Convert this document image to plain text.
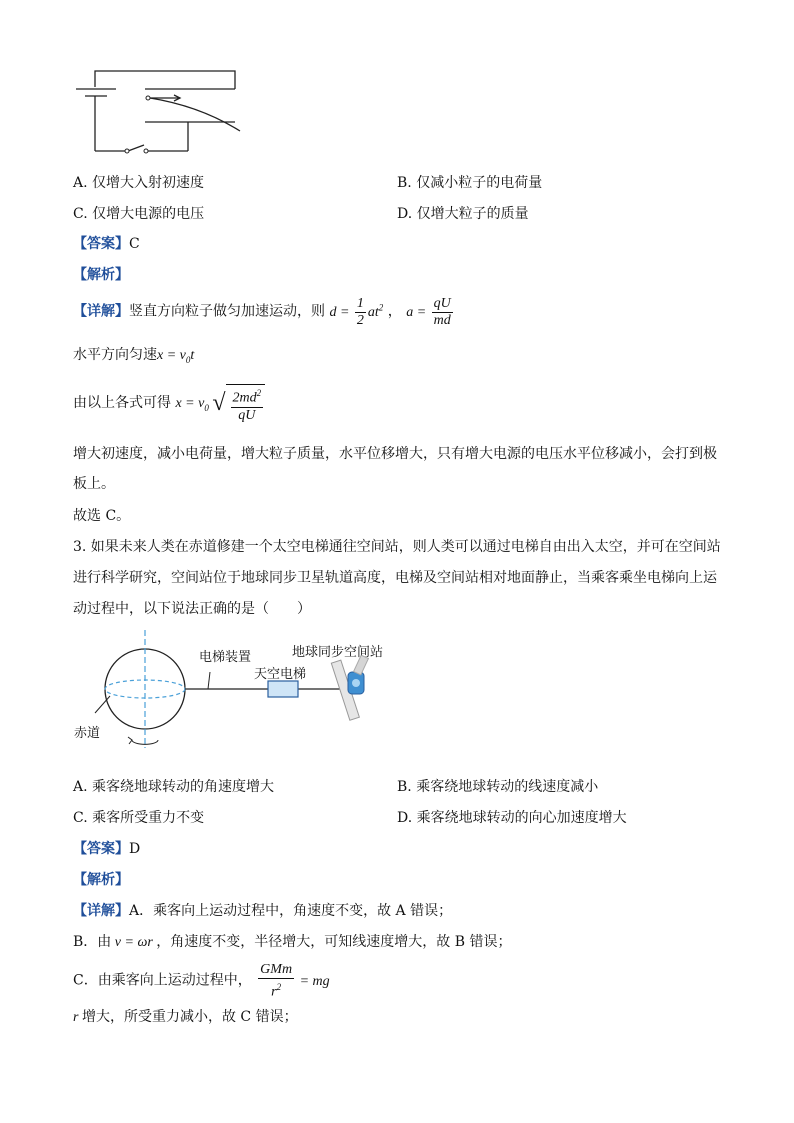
A. 仅增大入射初速度	B. 仅减小粒子的电荷量
C. 仅增大电源的电压	D. 仅增大粒子的质量
【答案】C
【解析】
【详解】竖直方向粒子做匀加速运动，则 $d = \frac{1}{2} at^2$ ， $a = \frac{qU}{md}$
水平方向匀速$x = v_0t$
由以上各式可得 $x = v_0$ √ $\frac{2md^2}{qU}$
增大初速度，减小电荷量，增大粒子质量，水平位移增大，只有增大电源的电压水平位移减小，会打到极
板上。
故选 C。
3. 如果未来人类在赤道修建一个太空电梯通往空间站，则人类可以通过电梯自由出入太空，并可在空间站
进行科学研究，空间站位于地球同步卫星轨道高度，电梯及空间站相对地面静止，当乘客乘坐电梯向上运
动过程中，以下说法正确的是（　　）
电梯装置
天空电梯
地球同步空间站
赤道
A. 乘客绕地球转动的角速度增大	B. 乘客绕地球转动的线速度减小
C. 乘客所受重力不变	D. 乘客绕地球转动的向心加速度增大
【答案】D
【解析】
【详解】A．乘客向上运动过程中，角速度不变，故 A 错误；
B．由 v = ωr ，角速度不变，半径增大，可知线速度增大，故 B 错误；
C．由乘客向上运动过程中， $\frac{\text{GMm}}{r^2}$ = mg
r 增大，所受重力减小，故 C 错误；
